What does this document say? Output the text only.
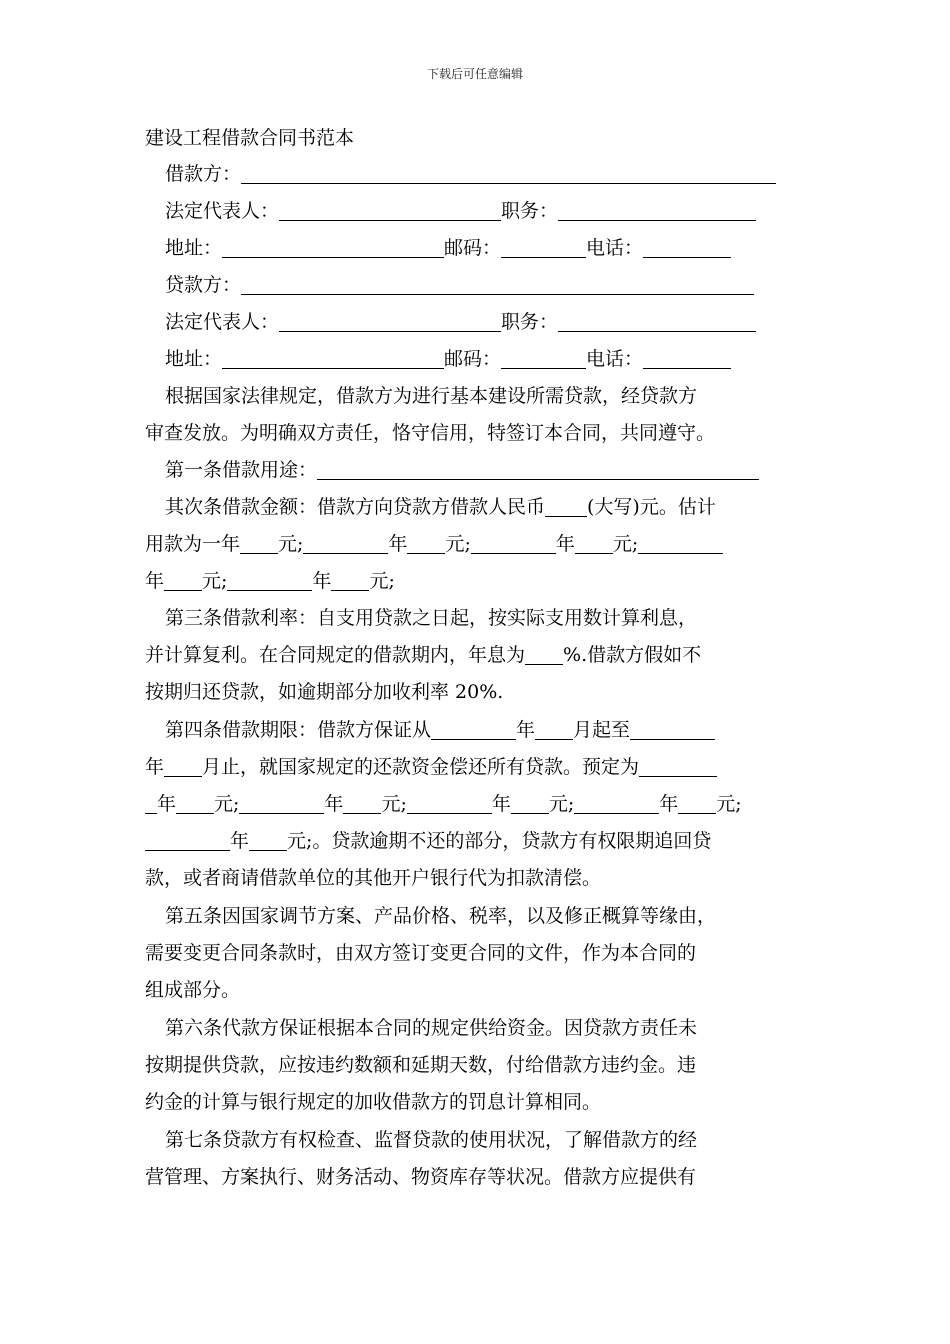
下载后可任意编辑
建设工程借款合同书范本
借款方：
法定代表人：	职务：
地址：	邮码：	电话：
贷款方：
法定代表人：	职务：
地址：	邮码：	电话：
根据国家法律规定，借款方为进行基本建设所需贷款，经贷款方
审查发放。为明确双方责任，恪守信用，特签订本合同，共同遵守。
第一条借款用途：
其次条借款金额：借款方向贷款方借款人民币 (大写)元。估计
用款为一年 元;	年 元;	年 元;
年 元;	年 元;
第三条借款利率：自支用贷款之日起，按实际支用数计算利息，
并计算复利。在合同规定的借款期内，年息为 %.借款方假如不
按期归还贷款，如逾期部分加收利率 20%.
第四条借款期限：借款方保证从	年 月起至
年 月止，就国家规定的还款资金偿还所有贷款。预定为
年 元;	年 元;	年 元;	年 元;
年 元;。贷款逾期不还的部分，贷款方有权限期追回贷
款，或者商请借款单位的其他开户银行代为扣款清偿。
第五条因国家调节方案、产品价格、税率，以及修正概算等缘由，
需要变更合同条款时，由双方签订变更合同的文件，作为本合同的
组成部分。
第六条代款方保证根据本合同的规定供给资金。因贷款方责任未
按期提供贷款，应按违约数额和延期天数，付给借款方违约金。违
约金的计算与银行规定的加收借款方的罚息计算相同。
第七条贷款方有权检查、监督贷款的使用状况，了解借款方的经
营管理、方案执行、财务活动、物资库存等状况。借款方应提供有
